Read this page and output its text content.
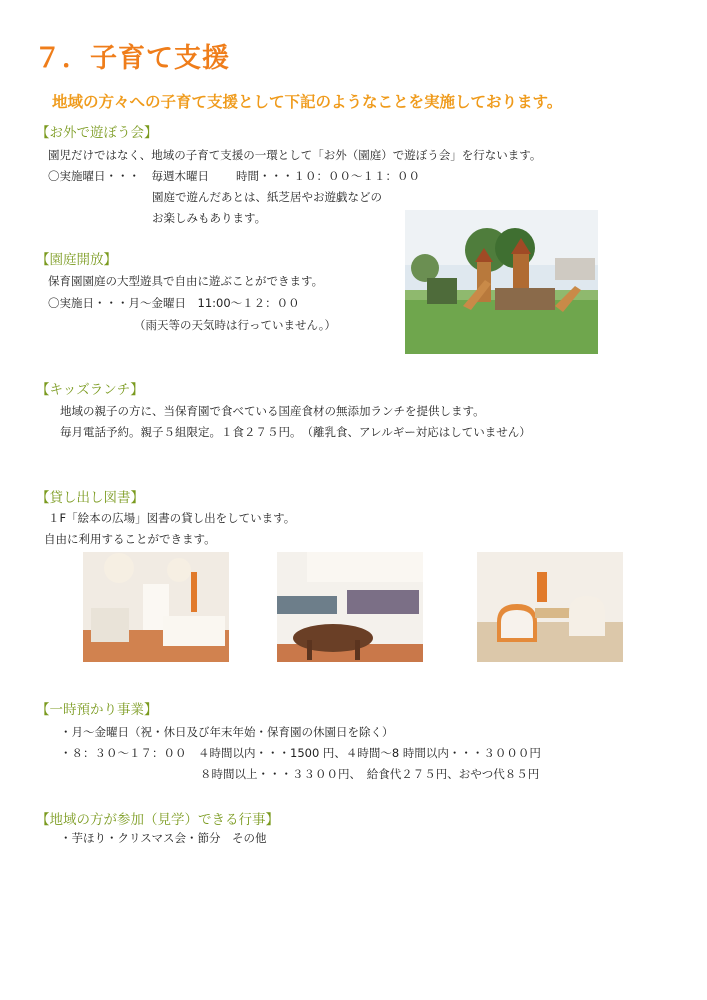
７．子育て支援
地域の方々への子育て支援として下記のようなことを実施しております。
【お外で遊ぼう会】
園児だけではなく、地域の子育て支援の一環として「お外（園庭）で遊ぼう会」を行ないます。
〇実施曜日・・・　毎週木曜日 時間・・・１０：００～１１：００
園庭で遊んだあとは、紙芝居やお遊戯などの
お楽しみもあります。
【園庭開放】
保育園園庭の大型遊具で自由に遊ぶことができます。
〇実施日・・・月～金曜日　11:00～１２：００
（雨天等の天気時は行っていません。）
【キッズランチ】
地域の親子の方に、当保育園で食べている国産食材の無添加ランチを提供します。
毎月電話予約。親子５組限定。１食２７５円。　（離乳食、アレルギー対応はしていません）
【貸し出し図書】
１F「絵本の広場」図書の貸し出をしています。
自由に利用することができます。
【一時預かり事業】
・月～金曜日（祝・休日及び年末年始・保育園の休園日を除く）
・８：３０～１７：００　４時間以内・・・1500 円、４時間～8 時間以内・・・３０００円
８時間以上・・・３３００円、　給食代２７５円、おやつ代８５円
【地域の方が参加（見学）できる行事】
・芋ほり・クリスマス会・節分　その他
